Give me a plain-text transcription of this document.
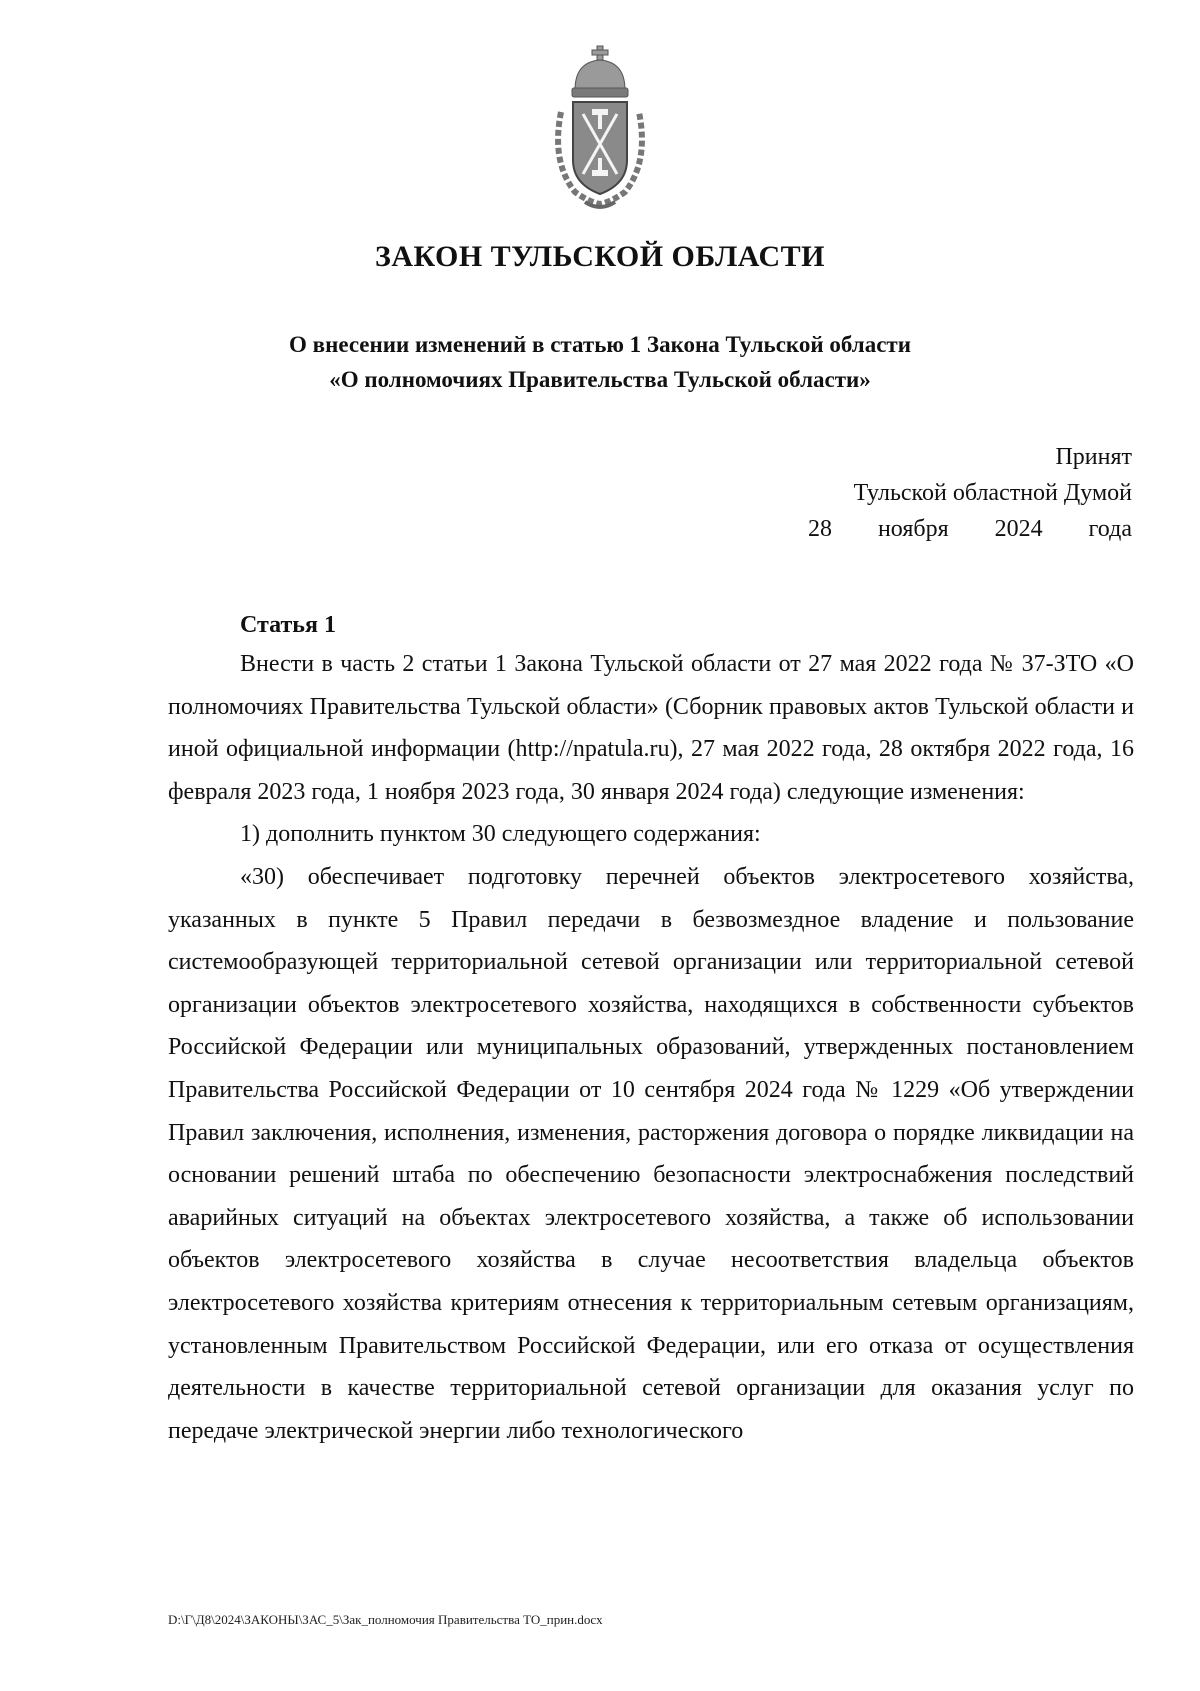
ЗАКОН ТУЛЬСКОЙ ОБЛАСТИ
О внесении изменений в статью 1 Закона Тульской области
«О полномочиях Правительства Тульской области»
Принят
Тульской областной Думой
28 ноября 2024 года
Статья 1

Внести в часть 2 статьи 1 Закона Тульской области от 27 мая 2022 года № 37-ЗТО «О полномочиях Правительства Тульской области» (Сборник правовых актов Тульской области и иной официальной информации (http://npatula.ru), 27 мая 2022 года, 28 октября 2022 года, 16 февраля 2023 года, 1 ноября 2023 года, 30 января 2024 года) следующие изменения:

1) дополнить пунктом 30 следующего содержания:

«30) обеспечивает подготовку перечней объектов электросетевого хозяйства, указанных в пункте 5 Правил передачи в безвозмездное владение и пользование системообразующей территориальной сетевой организации или территориальной сетевой организации объектов электросетевого хозяйства, находящихся в собственности субъектов Российской Федерации или муниципальных образований, утвержденных постановлением Правительства Российской Федерации от 10 сентября 2024 года № 1229 «Об утверждении Правил заключения, исполнения, изменения, расторжения договора о порядке ликвидации на основании решений штаба по обеспечению безопасности электроснабжения последствий аварийных ситуаций на объектах электросетевого хозяйства, а также об использовании объектов электросетевого хозяйства в случае несоответствия владельца объектов электросетевого хозяйства критериям отнесения к территориальным сетевым организациям, установленным Правительством Российской Федерации, или его отказа от осуществления деятельности в качестве территориальной сетевой организации для оказания услуг по передаче электрической энергии либо технологического

D:\Г\Д8\2024\ЗАКОНЫ\ЗАС_5\Зак_полномочия Правительства ТО_прин.docx
